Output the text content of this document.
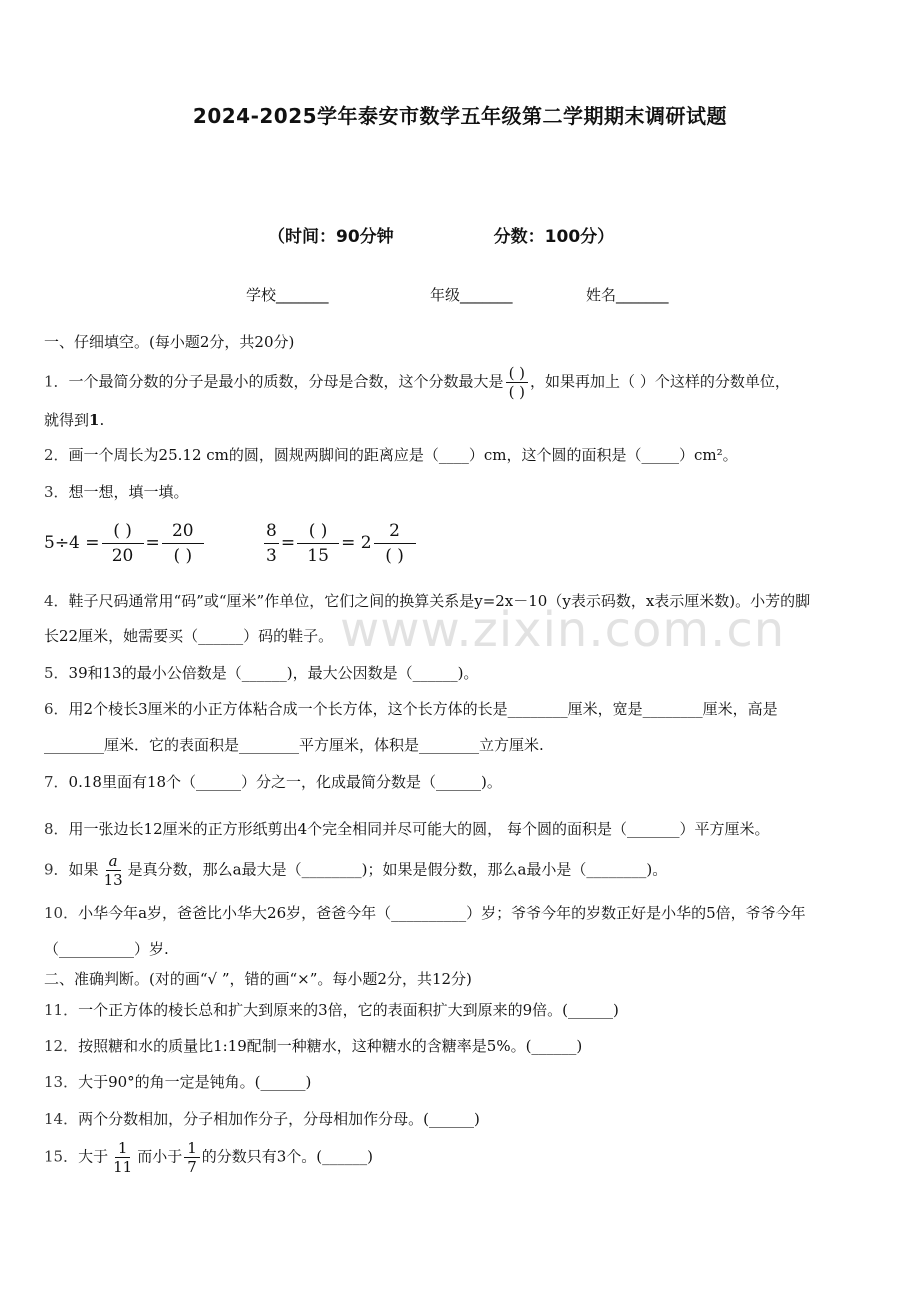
2024-2025学年泰安市数学五年级第二学期期末调研试题
（时间：90分钟	分数：100分）
学校_______	年级_______	姓名_______
一、仔细填空。(每小题2分，共20分)
1．一个最简分数的分子是最小的质数，分母是合数，这个分数最大是 $\frac{( )}{( )}$ ，如果再加上（ ）个这样的分数单位，
就得到1.
2．画一个周长为25.12 cm的圆，圆规两脚间的距离应是（____）cm，这个圆的面积是（_____）cm²。
3．想一想，填一填。
$5\div 4 = \frac{( )}{20} = \frac{20}{( )}$	$\frac{8}{3} = \frac{( )}{15} = 2 \frac{2}{( )}$
4．鞋子尺码通常用“码”或“厘米”作单位，它们之间的换算关系是y=2x－10（y表示码数，x表示厘米数)。小芳的脚
长22厘米，她需要买（______）码的鞋子。
5．39和13的最小公倍数是（______)，最大公因数是（______)。
6．用2个棱长3厘米的小正方体粘合成一个长方体，这个长方体的长是________厘米，宽是________厘米，高是
________厘米．它的表面积是________平方厘米，体积是________立方厘米.
7．0.18里面有18个（______）分之一，化成最简分数是（______)。
8．用一张边长12厘米的正方形纸剪出4个完全相同并尽可能大的圆， 每个圆的面积是（_______）平方厘米。
9．如果 $\frac{a}{13}$ 是真分数，那么a最大是（________)；如果是假分数，那么a最小是（________)。
10．小华今年a岁，爸爸比小华大26岁，爸爸今年（__________）岁；爷爷今年的岁数正好是小华的5倍，爷爷今年
（__________）岁.
二、准确判断。(对的画“√ ”，错的画“×”。每小题2分，共12分)
11．一个正方体的棱长总和扩大到原来的3倍，它的表面积扩大到原来的9倍。(______)
12．按照糖和水的质量比1:19配制一种糖水，这种糖水的含糖率是5%。(______)
13．大于90°的角一定是钝角。(______)
14．两个分数相加，分子相加作分子，分母相加作分母。(______)
15．大于 $\frac{1}{11}$ 而小于 $\frac{1}{7}$ 的分数只有3个。(______)
www.zixin.com.cn
